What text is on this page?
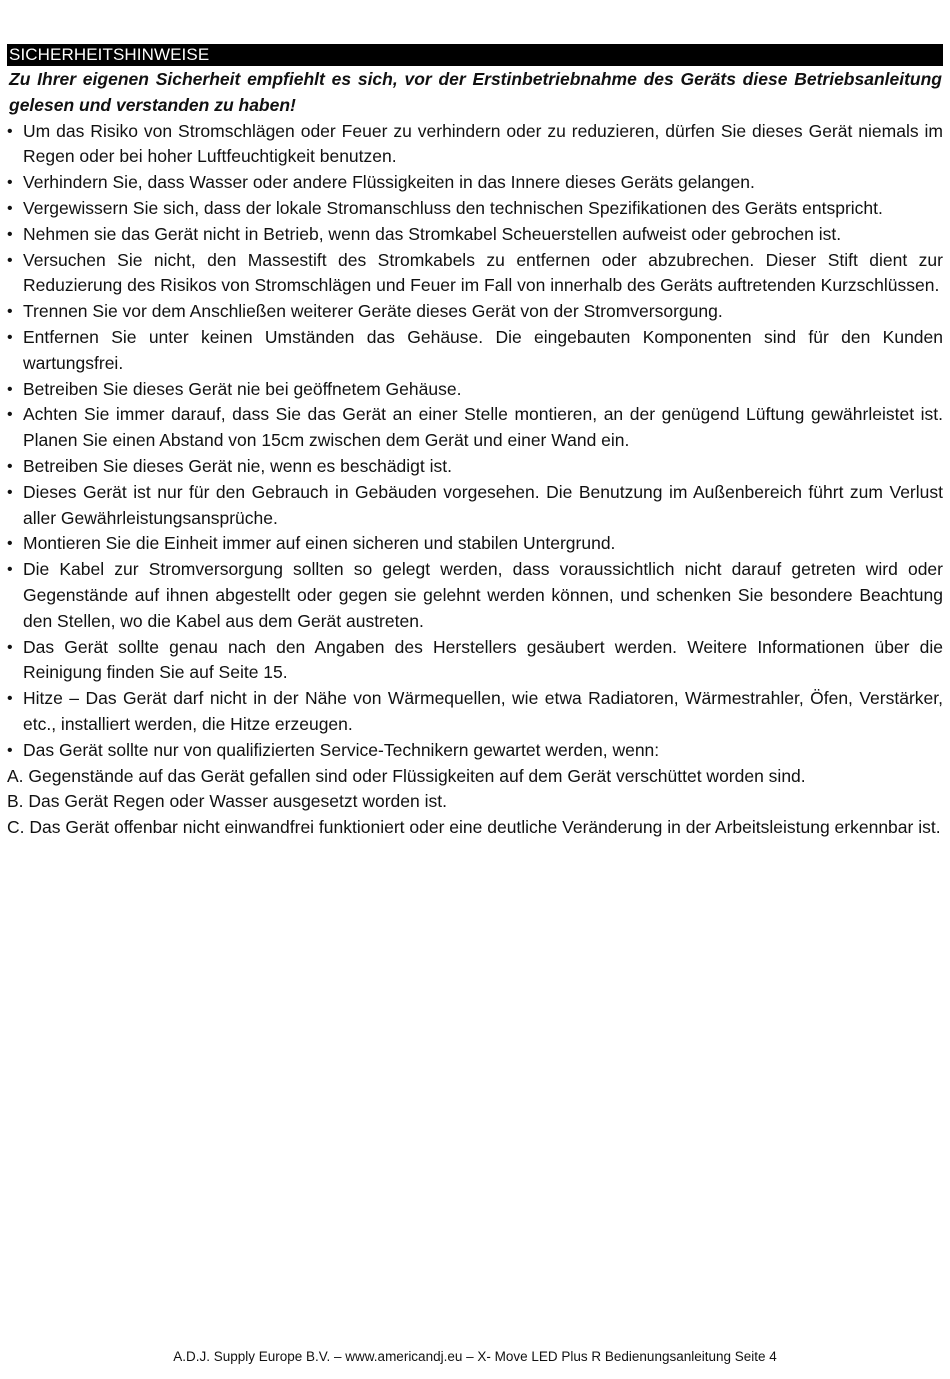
SICHERHEITSHINWEISE
Zu Ihrer eigenen Sicherheit empfiehlt es sich, vor der Erstinbetriebnahme des Geräts diese Betriebsanleitung gelesen und verstanden zu haben!
• Um das Risiko von Stromschlägen oder Feuer zu verhindern oder zu reduzieren, dürfen Sie dieses Gerät niemals im Regen oder bei hoher Luftfeuchtigkeit benutzen.
• Verhindern Sie, dass Wasser oder andere Flüssigkeiten in das Innere dieses Geräts gelangen.
• Vergewissern Sie sich, dass der lokale Stromanschluss den technischen Spezifikationen des Geräts entspricht.
• Nehmen sie das Gerät nicht in Betrieb, wenn das Stromkabel Scheuerstellen aufweist oder gebrochen ist.
• Versuchen Sie nicht, den Massestift des Stromkabels zu entfernen oder abzubrechen. Dieser Stift dient zur Reduzierung des Risikos von Stromschlägen und Feuer im Fall von innerhalb des Geräts auftretenden Kurzschlüssen.
• Trennen Sie vor dem Anschließen weiterer Geräte dieses Gerät von der Stromversorgung.
• Entfernen Sie unter keinen Umständen das Gehäuse. Die eingebauten Komponenten sind für den Kunden wartungsfrei.
• Betreiben Sie dieses Gerät nie bei geöffnetem Gehäuse.
• Achten Sie immer darauf, dass Sie das Gerät an einer Stelle montieren, an der genügend Lüftung gewährleistet ist. Planen Sie einen Abstand von 15cm zwischen dem Gerät und einer Wand ein.
• Betreiben Sie dieses Gerät nie, wenn es beschädigt ist.
• Dieses Gerät ist nur für den Gebrauch in Gebäuden vorgesehen. Die Benutzung im Außenbereich führt zum Verlust aller Gewährleistungsansprüche.
• Montieren Sie die Einheit immer auf einen sicheren und stabilen Untergrund.
• Die Kabel zur Stromversorgung sollten so gelegt werden, dass voraussichtlich nicht darauf getreten wird oder Gegenstände auf ihnen abgestellt oder gegen sie gelehnt werden können, und schenken Sie besondere Beachtung den Stellen, wo die Kabel aus dem Gerät austreten.
• Das Gerät sollte genau nach den Angaben des Herstellers gesäubert werden. Weitere Informationen über die Reinigung finden Sie auf Seite 15.
• Hitze – Das Gerät darf nicht in der Nähe von Wärmequellen, wie etwa Radiatoren, Wärmestrahler, Öfen, Verstärker, etc., installiert werden, die Hitze erzeugen.
• Das Gerät sollte nur von qualifizierten Service-Technikern gewartet werden, wenn:

A. Gegenstände auf das Gerät gefallen sind oder Flüssigkeiten auf dem Gerät verschüttet worden sind.

B. Das Gerät Regen oder Wasser ausgesetzt worden ist.

C. Das Gerät offenbar nicht einwandfrei funktioniert oder eine deutliche Veränderung in der Arbeitsleistung erkennbar ist.

A.D.J. Supply Europe B.V. – www.americandj.eu – X- Move LED Plus R Bedienungsanleitung Seite 4
